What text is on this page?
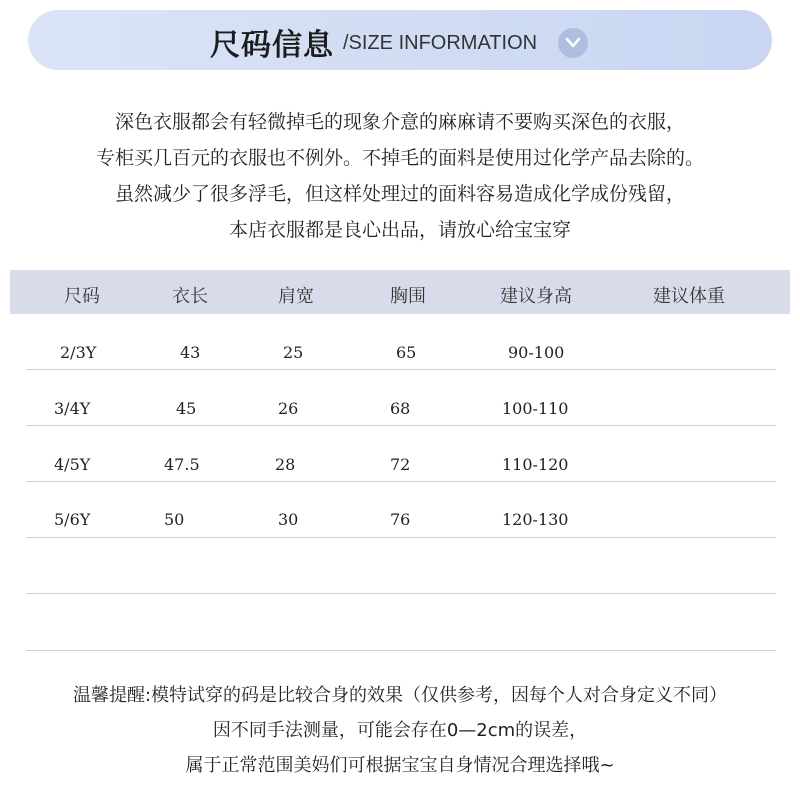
尺码信息 /SIZE INFORMATION

深色衣服都会有轻微掉毛的现象介意的麻麻请不要购买深色的衣服，

专柜买几百元的衣服也不例外。不掉毛的面料是使用过化学产品去除的。

虽然减少了很多浮毛，但这样处理过的面料容易造成化学成份残留，

本店衣服都是良心出品，请放心给宝宝穿

尺码	衣长	肩宽	胸围	建议身高	建议体重
2/3Y	43	25	65	90-100
3/4Y	45	26	68	100-110
4/5Y	47.5	28	72	110-120
5/6Y	50	30	76	120-130

温馨提醒:模特试穿的码是比较合身的效果（仅供参考，因每个人对合身定义不同）

因不同手法测量，可能会存在0—2cm的误差，

属于正常范围美妈们可根据宝宝自身情况合理选择哦~
